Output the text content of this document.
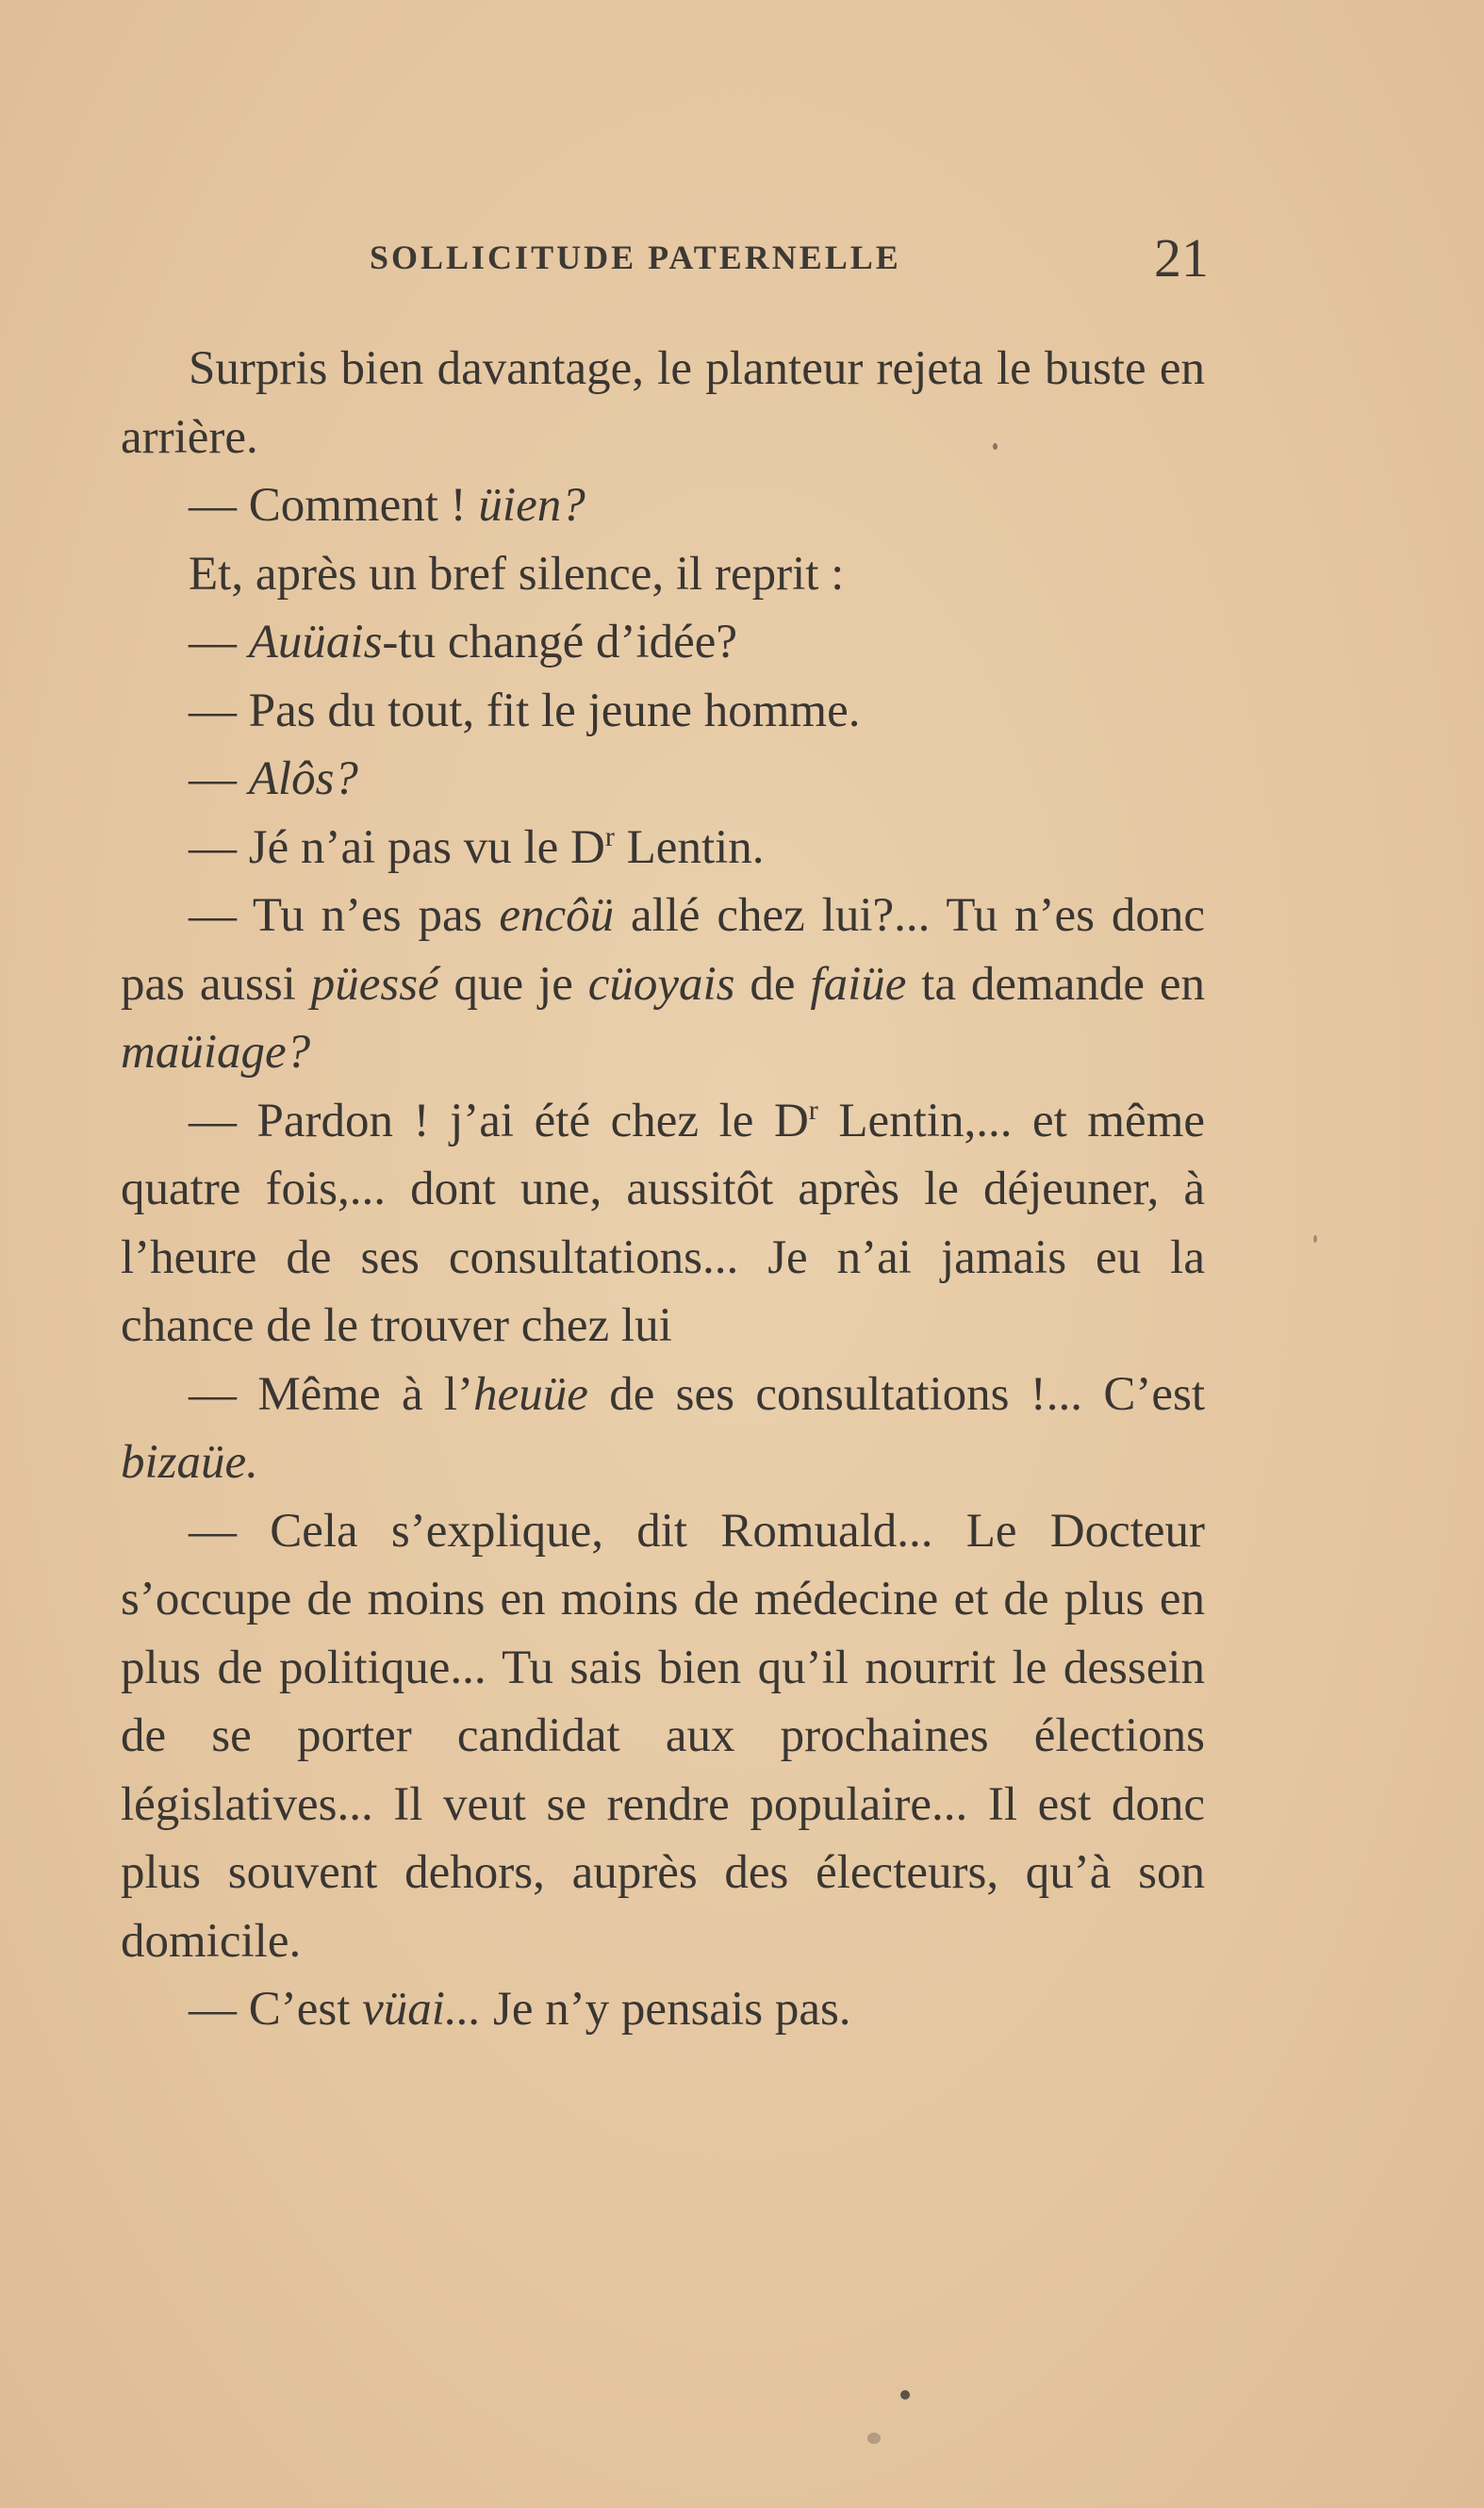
SOLLICITUDE PATERNELLE	21

Surpris bien davantage, le planteur rejeta le buste en arrière.

— Comment ! üien?

Et, après un bref silence, il reprit :

— Auüais-tu changé d’idée?

— Pas du tout, fit le jeune homme.

— Alôs?

— Jé n’ai pas vu le $D^r$ Lentin.

— Tu n’es pas encôü allé chez lui?... Tu n’es donc pas aussi püessé que je cüoyais de faiüe ta demande en maüiage?

— Pardon ! j’ai été chez le $D^r$ Lentin,... et même quatre fois,... dont une, aussitôt après le déjeuner, à l’heure de ses consultations... Je n’ai jamais eu la chance de le trouver chez lui

— Même à l’heuüe de ses consultations !... C’est bizaüe.

— Cela s’explique, dit Romuald... Le Docteur s’occupe de moins en moins de médecine et de plus en plus de politique... Tu sais bien qu’il nourrit le dessein de se porter candidat aux prochaines élections législatives... Il veut se rendre populaire... Il est donc plus souvent dehors, auprès des électeurs, qu’à son domicile.

— C’est vüai... Je n’y pensais pas.
